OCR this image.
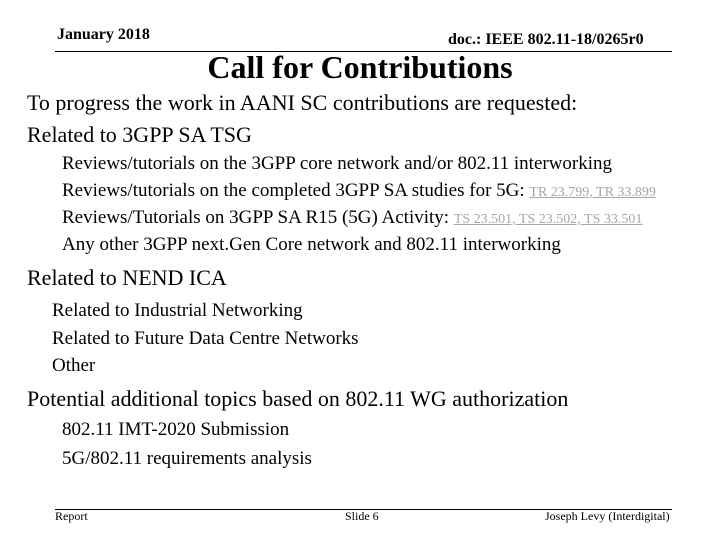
January 2018	doc.: IEEE 802.11-18/0265r0
Call for Contributions
To progress the work in AANI SC contributions are requested:
Related to 3GPP SA TSG
Reviews/tutorials on the 3GPP core network and/or 802.11 interworking
Reviews/tutorials on the completed 3GPP SA studies for 5G: TR 23.799, TR 33.899
Reviews/Tutorials on 3GPP SA R15 (5G) Activity: TS 23.501, TS 23.502, TS 33.501
Any other 3GPP next.Gen Core network and 802.11 interworking
Related to NEND ICA
Related to Industrial Networking
Related to Future Data Centre Networks
Other
Potential additional topics based on 802.11 WG authorization
802.11 IMT-2020 Submission
5G/802.11 requirements analysis
Report	Slide 6	Joseph Levy (Interdigital)
